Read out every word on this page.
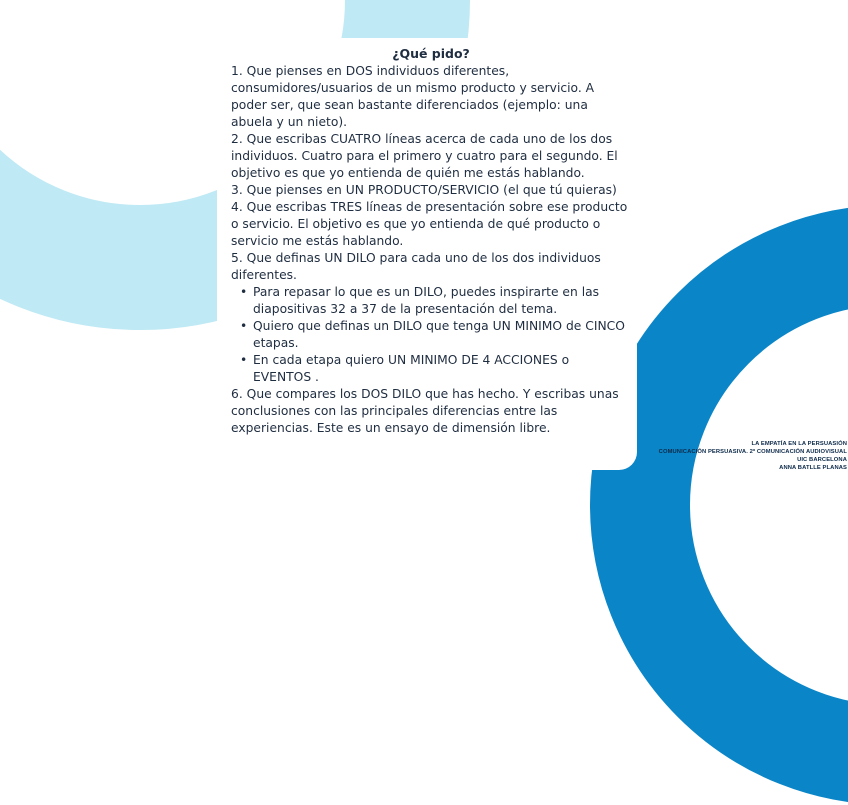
¿Qué pido?

1. Que pienses en DOS individuos diferentes, consumidores/usuarios de un mismo producto y servicio. A poder ser, que sean bastante diferenciados (ejemplo: una abuela y un nieto).

2. Que escribas CUATRO líneas acerca de cada uno de los dos individuos. Cuatro para el primero y cuatro para el segundo. El objetivo es que yo entienda de quién me estás hablando.

3. Que pienses en UN PRODUCTO/SERVICIO (el que tú quieras)

4. Que escribas TRES líneas de presentación sobre ese producto o servicio. El objetivo es que yo entienda de qué producto o servicio me estás hablando.

5. Que definas UN DILO para cada uno de los dos individuos diferentes.

• Para repasar lo que es un DILO, puedes inspirarte en las diapositivas 32 a 37 de la presentación del tema.
• Quiero que definas un DILO que tenga UN MINIMO de CINCO etapas.
• En cada etapa quiero UN MINIMO DE 4 ACCIONES o EVENTOS .

6. Que compares los DOS DILO que has hecho. Y escribas unas conclusiones con las principales diferencias entre las experiencias. Este es un ensayo de dimensión libre.

LA EMPATÍA EN LA PERSUASIÓN
COMUNICACIÓN PERSUASIVA. 2º COMUNICACIÓN AUDIOVISUAL
UIC BARCELONA
ANNA BATLLE PLANAS
